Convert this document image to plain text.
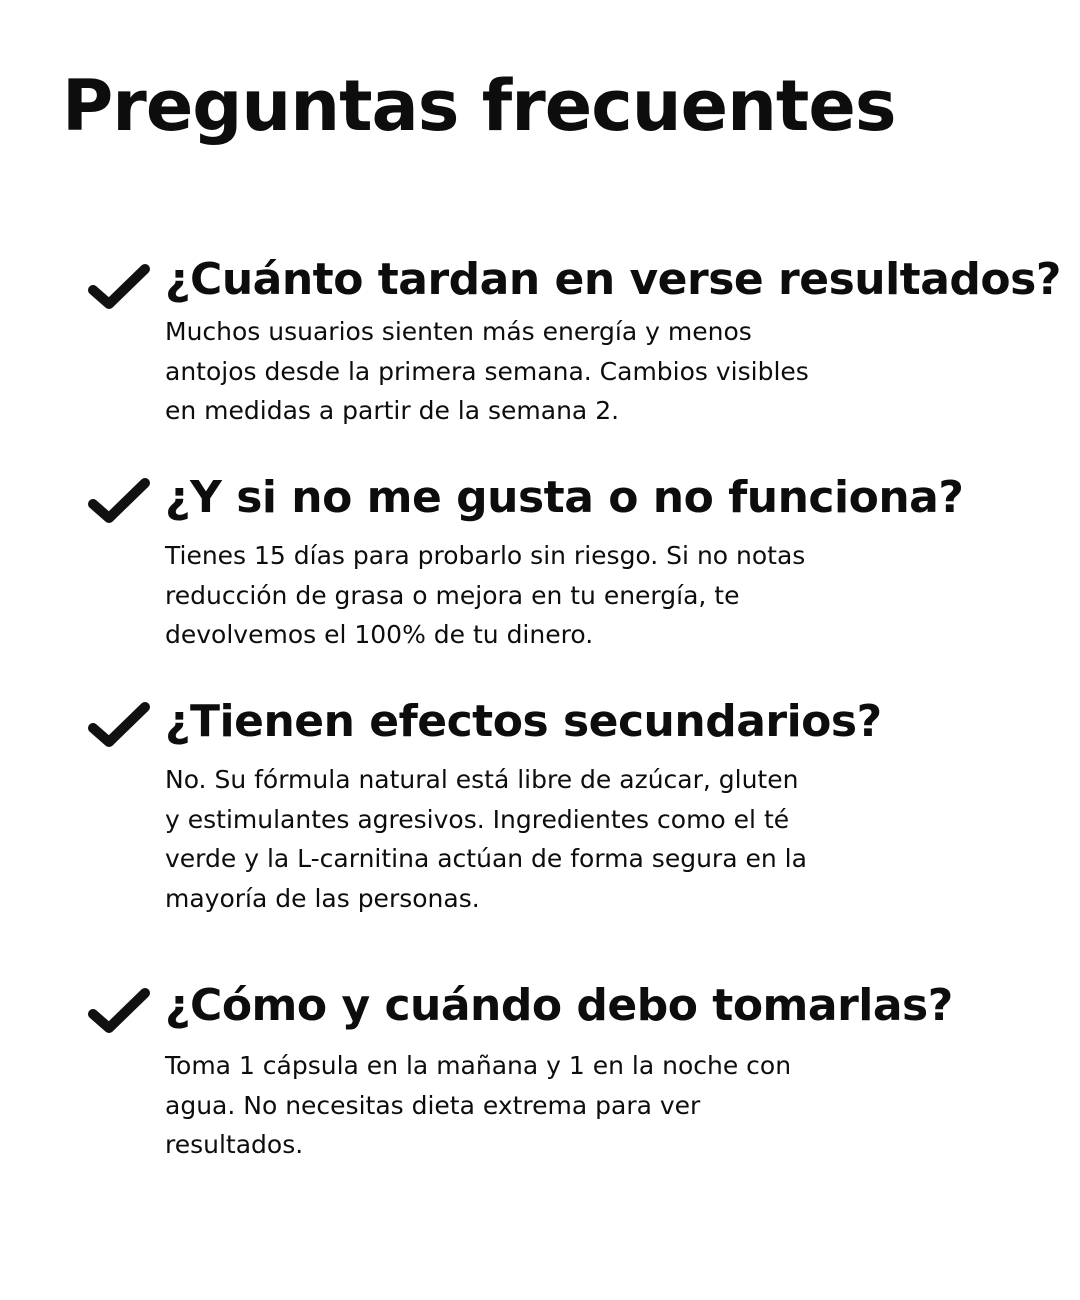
Preguntas frecuentes
¿Cuánto tardan en verse resultados?

Muchos usuarios sienten más energía y menos
antojos desde la primera semana. Cambios visibles
en medidas a partir de la semana 2.

¿Y si no me gusta o no funciona?

Tienes 15 días para probarlo sin riesgo. Si no notas
reducción de grasa o mejora en tu energía, te
devolvemos el 100% de tu dinero.

¿Tienen efectos secundarios?

No. Su fórmula natural está libre de azúcar, gluten
y estimulantes agresivos. Ingredientes como el té
verde y la L-carnitina actúan de forma segura en la
mayoría de las personas.

¿Cómo y cuándo debo tomarlas?

Toma 1 cápsula en la mañana y 1 en la noche con
agua. No necesitas dieta extrema para ver
resultados.
